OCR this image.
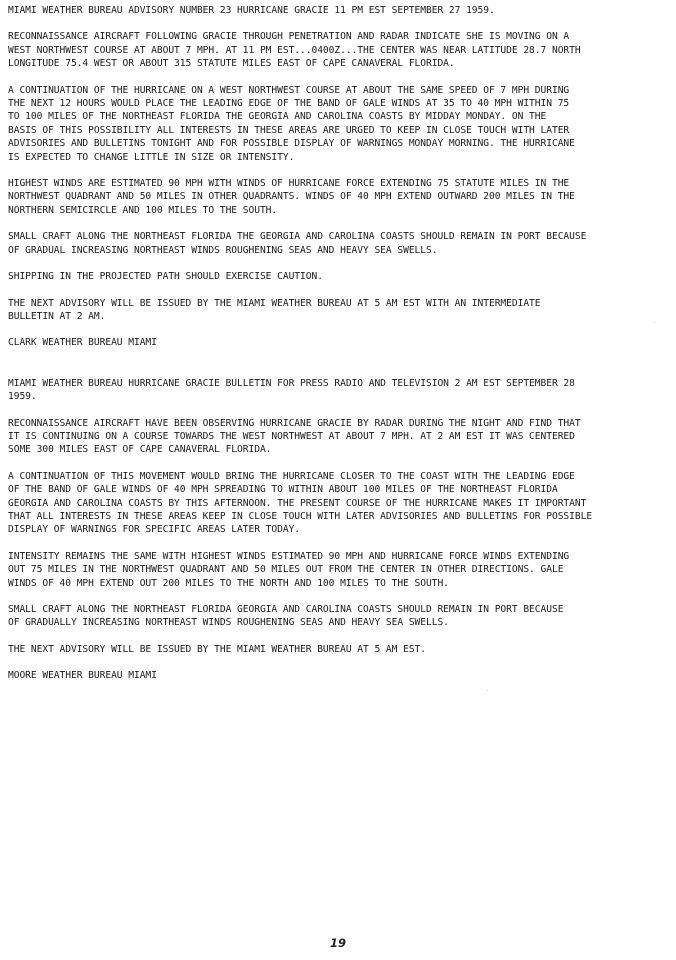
MIAMI WEATHER BUREAU ADVISORY NUMBER 23 HURRICANE GRACIE 11 PM EST SEPTEMBER 27 1959.

RECONNAISSANCE AIRCRAFT FOLLOWING GRACIE THROUGH PENETRATION AND RADAR INDICATE SHE IS MOVING ON A
WEST NORTHWEST COURSE AT ABOUT 7 MPH. AT 11 PM EST...0400Z...THE CENTER WAS NEAR LATITUDE 28.7 NORTH
LONGITUDE 75.4 WEST OR ABOUT 315 STATUTE MILES EAST OF CAPE CANAVERAL FLORIDA.

A CONTINUATION OF THE HURRICANE ON A WEST NORTHWEST COURSE AT ABOUT THE SAME SPEED OF 7 MPH DURING
THE NEXT 12 HOURS WOULD PLACE THE LEADING EDGE OF THE BAND OF GALE WINDS AT 35 TO 40 MPH WITHIN 75
TO 100 MILES OF THE NORTHEAST FLORIDA THE GEORGIA AND CAROLINA COASTS BY MIDDAY MONDAY. ON THE
BASIS OF THIS POSSIBILITY ALL INTERESTS IN THESE AREAS ARE URGED TO KEEP IN CLOSE TOUCH WITH LATER
ADVISORIES AND BULLETINS TONIGHT AND FOR POSSIBLE DISPLAY OF WARNINGS MONDAY MORNING. THE HURRICANE
IS EXPECTED TO CHANGE LITTLE IN SIZE OR INTENSITY.

HIGHEST WINDS ARE ESTIMATED 90 MPH WITH WINDS OF HURRICANE FORCE EXTENDING 75 STATUTE MILES IN THE
NORTHWEST QUADRANT AND 50 MILES IN OTHER QUADRANTS. WINDS OF 40 MPH EXTEND OUTWARD 200 MILES IN THE
NORTHERN SEMICIRCLE AND 100 MILES TO THE SOUTH.

SMALL CRAFT ALONG THE NORTHEAST FLORIDA THE GEORGIA AND CAROLINA COASTS SHOULD REMAIN IN PORT BECAUSE
OF GRADUAL INCREASING NORTHEAST WINDS ROUGHENING SEAS AND HEAVY SEA SWELLS.

SHIPPING IN THE PROJECTED PATH SHOULD EXERCISE CAUTION.

THE NEXT ADVISORY WILL BE ISSUED BY THE MIAMI WEATHER BUREAU AT 5 AM EST WITH AN INTERMEDIATE
BULLETIN AT 2 AM.

CLARK WEATHER BUREAU MIAMI

MIAMI WEATHER BUREAU HURRICANE GRACIE BULLETIN FOR PRESS RADIO AND TELEVISION 2 AM EST SEPTEMBER 28
1959.

RECONNAISSANCE AIRCRAFT HAVE BEEN OBSERVING HURRICANE GRACIE BY RADAR DURING THE NIGHT AND FIND THAT
IT IS CONTINUING ON A COURSE TOWARDS THE WEST NORTHWEST AT ABOUT 7 MPH. AT 2 AM EST IT WAS CENTERED
SOME 300 MILES EAST OF CAPE CANAVERAL FLORIDA.

A CONTINUATION OF THIS MOVEMENT WOULD BRING THE HURRICANE CLOSER TO THE COAST WITH THE LEADING EDGE
OF THE BAND OF GALE WINDS OF 40 MPH SPREADING TO WITHIN ABOUT 100 MILES OF THE NORTHEAST FLORIDA
GEORGIA AND CAROLINA COASTS BY THIS AFTERNOON. THE PRESENT COURSE OF THE HURRICANE MAKES IT IMPORTANT
THAT ALL INTERESTS IN THESE AREAS KEEP IN CLOSE TOUCH WITH LATER ADVISORIES AND BULLETINS FOR POSSIBLE
DISPLAY OF WARNINGS FOR SPECIFIC AREAS LATER TODAY.

INTENSITY REMAINS THE SAME WITH HIGHEST WINDS ESTIMATED 90 MPH AND HURRICANE FORCE WINDS EXTENDING
OUT 75 MILES IN THE NORTHWEST QUADRANT AND 50 MILES OUT FROM THE CENTER IN OTHER DIRECTIONS. GALE
WINDS OF 40 MPH EXTEND OUT 200 MILES TO THE NORTH AND 100 MILES TO THE SOUTH.

SMALL CRAFT ALONG THE NORTHEAST FLORIDA GEORGIA AND CAROLINA COASTS SHOULD REMAIN IN PORT BECAUSE
OF GRADUALLY INCREASING NORTHEAST WINDS ROUGHENING SEAS AND HEAVY SEA SWELLS.

THE NEXT ADVISORY WILL BE ISSUED BY THE MIAMI WEATHER BUREAU AT 5 AM EST.

MOORE WEATHER BUREAU MIAMI

19
